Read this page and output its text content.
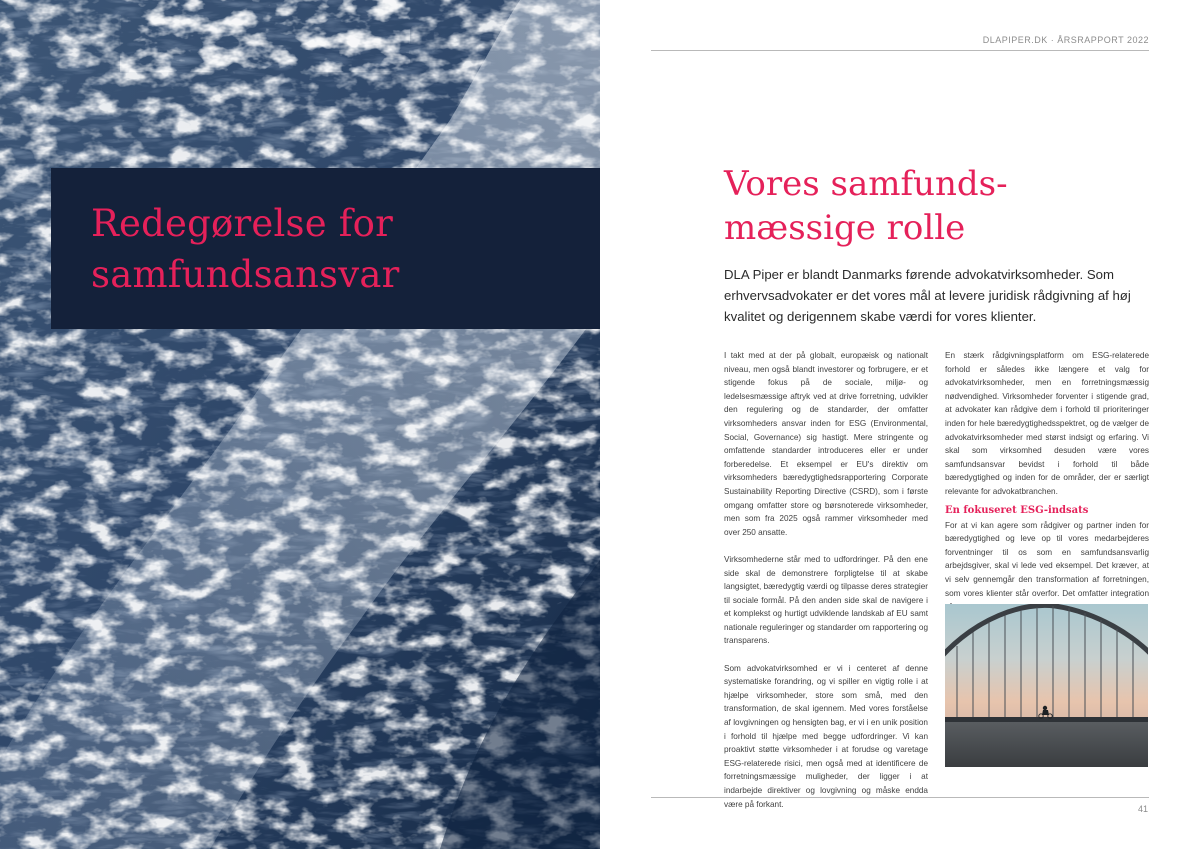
Redegørelse for samfundsansvar
DLAPIPER.DK · ÅRSRAPPORT 2022
Vores samfunds-
mæssige rolle
DLA Piper er blandt Danmarks førende advokatvirksomheder. Som erhvervsadvokater er det vores mål at levere juridisk rådgivning af høj kvalitet og derigennem skabe værdi for vores klienter.

I takt med at der på globalt, europæisk og nationalt niveau, men også blandt investorer og forbrugere, er et stigende fokus på de sociale, miljø- og ledelsesmæssige aftryk ved at drive forretning, udvikler den regulering og de standarder, der omfatter virksomheders ansvar inden for ESG (Environmental, Social, Governance) sig hastigt. Mere stringente og omfattende standarder introduceres eller er under forberedelse. Et eksempel er EU's direktiv om virksomheders bæredygtighedsrapportering Corporate Sustainability Reporting Directive (CSRD), som i første omgang omfatter store og børsnoterede virksomheder, men som fra 2025 også rammer virksomheder med over 250 ansatte.

Virksomhederne står med to udfordringer. På den ene side skal de demonstrere forpligtelse til at skabe langsigtet, bæredygtig værdi og tilpasse deres strategier til sociale formål. På den anden side skal de navigere i et komplekst og hurtigt udviklende landskab af EU samt nationale reguleringer og standarder om rapportering og transparens.

Som advokatvirksomhed er vi i centeret af denne systematiske forandring, og vi spiller en vigtig rolle i at hjælpe virksomheder, store som små, med den transformation, de skal igennem. Med vores forståelse af lovgivningen og hensigten bag, er vi i en unik position i forhold til hjælpe med begge udfordringer. Vi kan proaktivt støtte virksomheder i at forudse og varetage ESG-relaterede risici, men også med at identificere de forretningsmæssige muligheder, der ligger i at indarbejde direktiver og lovgivning og måske endda være på forkant.

En stærk rådgivningsplatform om ESG-relaterede forhold er således ikke længere et valg for advokatvirksomheder, men en forretningsmæssig nødvendighed. Virksomheder forventer i stigende grad, at advokater kan rådgive dem i forhold til prioriteringer inden for hele bæredygtighedsspektret, og de vælger de advokatvirksomheder med størst indsigt og erfaring. Vi skal som virksomhed desuden være vores samfundsansvar bevidst i forhold til både bæredygtighed og inden for de områder, der er særligt relevante for advokatbranchen.

En fokuseret ESG-indsats

For at vi kan agere som rådgiver og partner inden for bæredygtighed og leve op til vores medarbejderes forventninger til os som en samfundsansvarlig arbejdsgiver, skal vi lede ved eksempel. Det kræver, at vi selv gennemgår den transformation af forretningen, som vores klienter står overfor. Det omfatter integration

41
